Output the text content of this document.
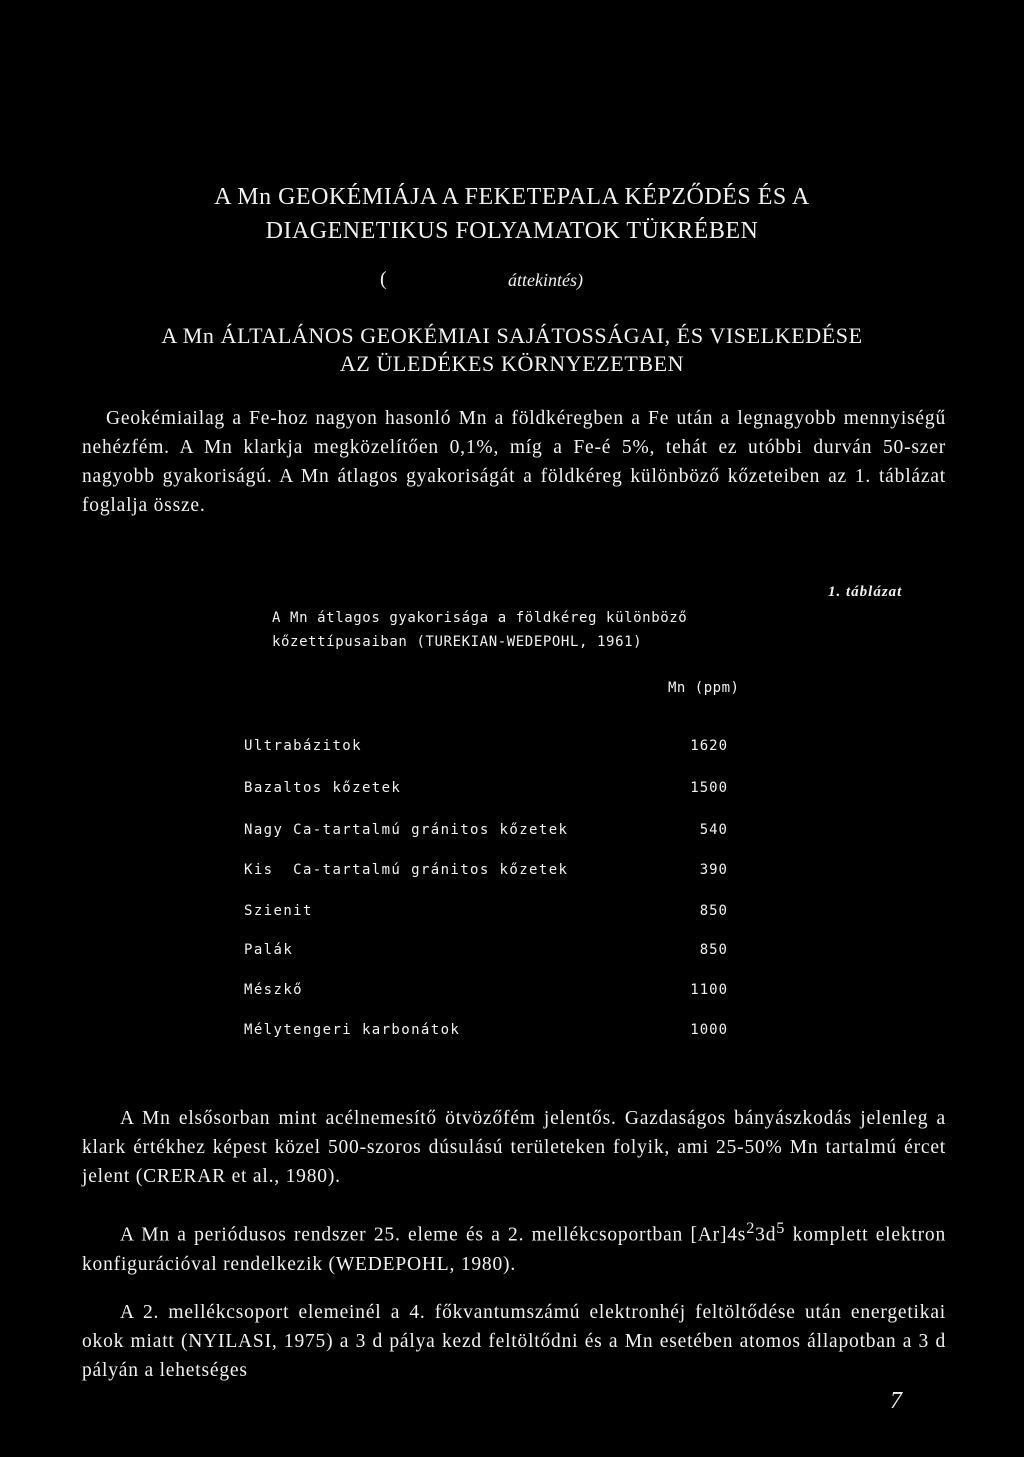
A Mn GEOKÉMIÁJA A FEKETEPALA KÉPZŐDÉS ÉS A
DIAGENETIKUS FOLYAMATOK TÜKRÉBEN
(	áttekintés)
A Mn ÁLTALÁNOS GEOKÉMIAI SAJÁTOSSÁGAI, ÉS VISELKEDÉSE
AZ ÜLEDÉKES KÖRNYEZETBEN
Geokémiailag a Fe-hoz nagyon hasonló Mn a földkéregben a Fe után a legnagyobb mennyiségű nehézfém. A Mn klarkja megközelítően 0,1%, míg a Fe-é 5%, tehát ez utóbbi durván 50-szer nagyobb gyakoriságú. A Mn átlagos gyakoriságát a földkéreg különböző kőzeteiben az 1. táblázat foglalja össze.
1. táblázat
A Mn átlagos gyakorisága a földkéreg különböző
kőzettípusaiban (TUREKIAN-WEDEPOHL, 1961)
Mn (ppm)
Ultrabázitok	1620
Bazaltos kőzetek	1500
Nagy Ca-tartalmú gránitos kőzetek	540
Kis  Ca-tartalmú gránitos kőzetek	390
Szienit	850
Palák	850
Mészkő	1100
Mélytengeri karbonátok	1000
A Mn elsősorban mint acélnemesítő ötvözőfém jelentős. Gazdaságos bányászkodás jelenleg a klark értékhez képest közel 500-szoros dúsulású területeken folyik, ami 25-50% Mn tartalmú ércet jelent (CRERAR et al., 1980).
A Mn a periódusos rendszer 25. eleme és a 2. mellékcsoportban $[Ar]4s^23d^5$ komplett elektron konfigurációval rendelkezik (WEDEPOHL, 1980).
A 2. mellékcsoport elemeinél a 4. főkvantumszámú elektronhéj feltöltődése után energetikai okok miatt (NYILASI, 1975) a 3 d pálya kezd feltöltődni és a Mn esetében atomos állapotban a 3 d pályán a lehetséges
7
